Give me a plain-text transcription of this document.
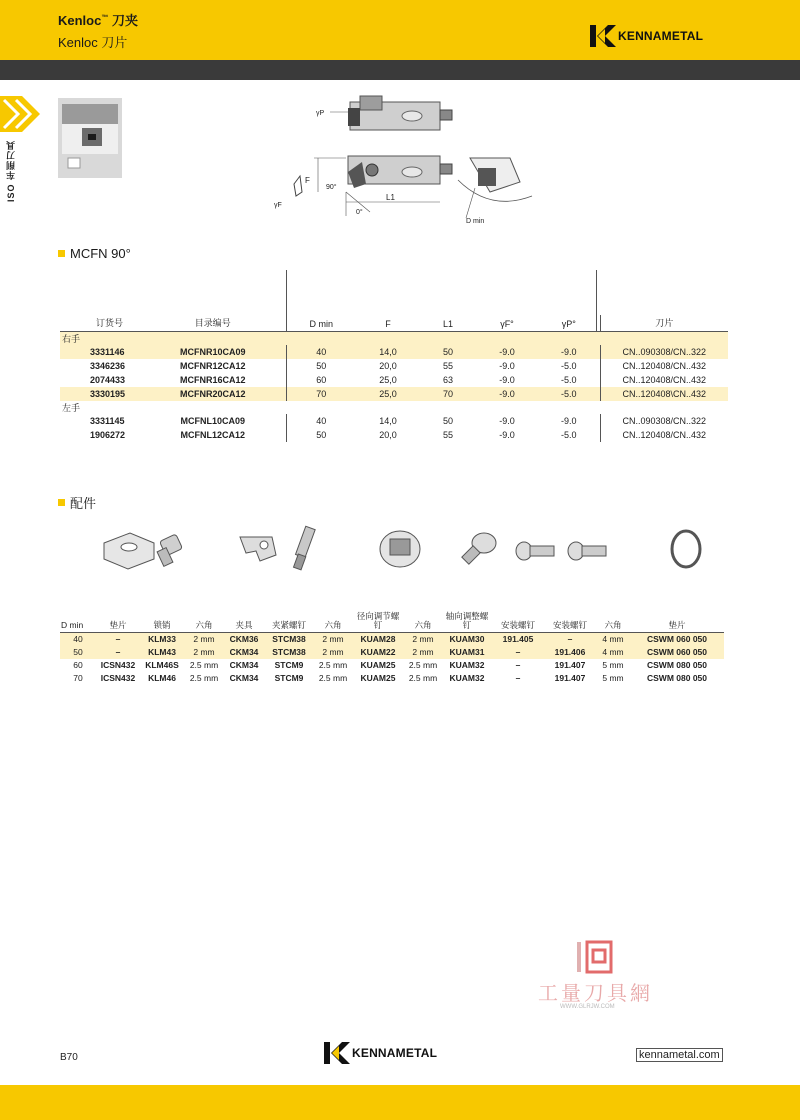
Kenloc™ 刀夹
Kenloc 刀片	KENNAMETAL
ISO 车削刀具
γP
F
90°
γF
0°
L1
D min
MCFN 90°
订货号	目录编号	D min	F	L1	γF°	γP°	刀片
右手							
3331146	MCFNR10CA09	40	14,0	50	-9.0	-9.0	CN..090308/CN..322
3346236	MCFNR12CA12	50	20,0	55	-9.0	-5.0	CN..120408/CN..432
2074433	MCFNR16CA12	60	25,0	63	-9.0	-5.0	CN..120408/CN..432
3330195	MCFNR20CA12	70	25,0	70	-9.0	-5.0	CN..120408\CN..432
左手							
3331145	MCFNL10CA09	40	14,0	50	-9.0	-9.0	CN..090308/CN..322
1906272	MCFNL12CA12	50	20,0	55	-9.0	-5.0	CN..120408/CN..432
配件
D min	垫片	锁销	六角	夹具	夹紧螺钉	六角	径向调节螺钉	六角	轴向调整螺钉	安装螺钉	安装螺钉	六角	垫片
40	–	KLM33	2 mm	CKM36	STCM38	2 mm	KUAM28	2 mm	KUAM30	191.405	–	4 mm	CSWM 060 050
50	–	KLM43	2 mm	CKM34	STCM38	2 mm	KUAM22	2 mm	KUAM31	–	191.406	4 mm	CSWM 060 050
60	ICSN432	KLM46S	2.5 mm	CKM34	STCM9	2.5 mm	KUAM25	2.5 mm	KUAM32	–	191.407	5 mm	CSWM 080 050
70	ICSN432	KLM46	2.5 mm	CKM34	STCM9	2.5 mm	KUAM25	2.5 mm	KUAM32	–	191.407	5 mm	CSWM 080 050
工量刀具網
WWW.GLRJW.COM
B70	KENNAMETAL	kennametal.com
